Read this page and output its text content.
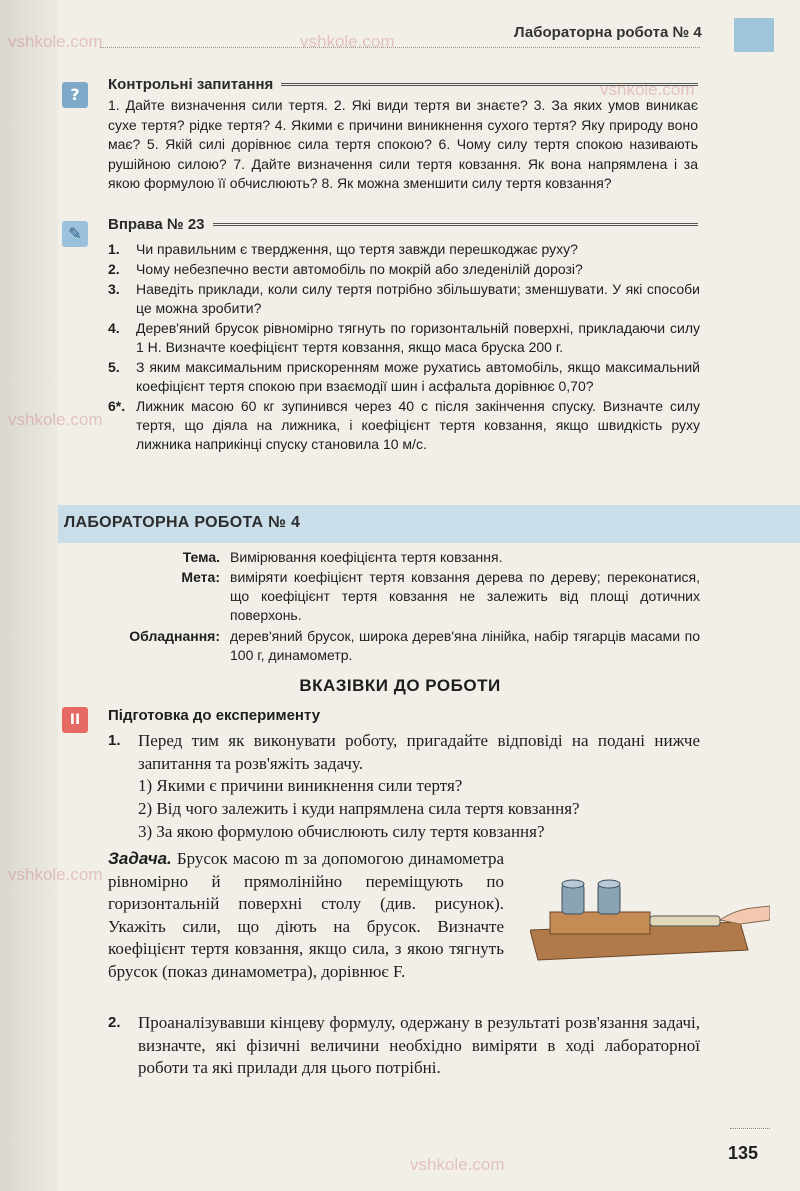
Лабораторна робота № 4
vshkole.com	vshkole.com
vshkole.com
vshkole.com
vshkole.com
vshkole.com
?
Контрольні запитання
1. Дайте визначення сили тертя. 2. Які види тертя ви знаєте? 3. За яких умов виникає сухе тертя? рідке тертя? 4. Якими є причини виникнення сухого тертя? Яку природу воно має? 5. Якій силі дорівнює сила тертя спокою? 6. Чому силу тертя спокою називають рушійною силою? 7. Дайте визначення сили тертя ковзання. Як вона напрямлена і за якою формулою її обчислюють? 8. Як можна зменшити силу тертя ковзання?
✎	Вправа № 23
1.	Чи правильним є твердження, що тертя завжди перешкоджає руху?
2.	Чому небезпечно вести автомобіль по мокрій або зледенілій дорозі?
3.	Наведіть приклади, коли силу тертя потрібно збільшувати; зменшувати. У які способи це можна зробити?
4.	Дерев'яний брусок рівномірно тягнуть по горизонтальній поверхні, прикладаючи силу 1 Н. Визначте коефіцієнт тертя ковзання, якщо маса бруска 200 г.
5.	З яким максимальним прискоренням може рухатись автомобіль, якщо максимальний коефіцієнт тертя спокою при взаємодії шин і асфальта дорівнює 0,70?
6*. Лижник масою 60 кг зупинився через 40 с після закінчення спуску. Визначте силу тертя, що діяла на лижника, і коефіцієнт тертя ковзання, якщо швидкість руху лижника наприкінці спуску становила 10 м/с.
ЛАБОРАТОРНА РОБОТА № 4
Тема. Вимірювання коефіцієнта тертя ковзання.
Мета: виміряти коефіцієнт тертя ковзання дерева по дереву; переконатися, що коефіцієнт тертя ковзання не залежить від площі дотичних поверхонь.
Обладнання: дерев'яний брусок, широка дерев'яна лінійка, набір тягарців масами по 100 г, динамометр.
ВКАЗІВКИ ДО РОБОТИ
II	Підготовка до експерименту
1.	Перед тим як виконувати роботу, пригадайте відповіді на подані нижче запитання та розв'яжіть задачу.
1) Якими є причини виникнення сили тертя?
2) Від чого залежить і куди напрямлена сила тертя ковзання?
3) За якою формулою обчислюють силу тертя ковзання?
Задача. Брусок масою m за допомогою динамометра рівномірно й прямолінійно переміщують по горизонтальній поверхні столу (див. рисунок). Укажіть сили, що діють на брусок. Визначте коефіцієнт тертя ковзання, якщо сила, з якою тягнуть брусок (показ динамометра), дорівнює F.
2.	Проаналізувавши кінцеву формулу, одержану в результаті розв'язання задачі, визначте, які фізичні величини необхідно виміряти в ході лабораторної роботи та які прилади для цього потрібні.
135
